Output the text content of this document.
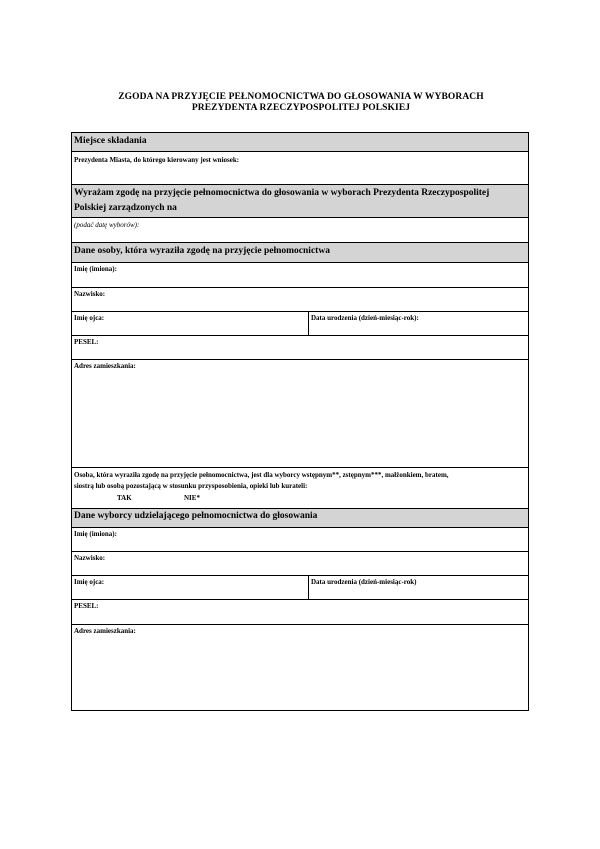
ZGODA NA PRZYJĘCIE PEŁNOMOCNICTWA DO GŁOSOWANIA W WYBORACH
PREZYDENTA RZECZYPOSPOLITEJ POLSKIEJ
Miejsce składania
Prezydenta Miasta, do którego kierowany jest wniosek:
Wyrażam zgodę na przyjęcie pełnomocnictwa do głosowania w wyborach Prezydenta Rzeczypospolitej
Polskiej zarządzonych na
(podać datę wyborów):
Dane osoby, która wyraziła zgodę na przyjęcie pełnomocnictwa
Imię (imiona):
Nazwisko:
Imię ojca:	Data urodzenia (dzień-miesiąc-rok):
PESEL:
Adres zamieszkania:
Osoba, która wyraziła zgodę na przyjęcie pełnomocnictwa, jest dla wyborcy wstępnym**, zstępnym***, małżonkiem, bratem,
siostrą lub osobą pozostającą w stosunku przysposobienia, opieki lub kurateli:
TAK	NIE*
Dane wyborcy udzielającego pełnomocnictwa do głosowania
Imię (imiona):
Nazwisko:
Imię ojca:	Data urodzenia (dzień-miesiąc-rok)
PESEL:
Adres zamieszkania:
